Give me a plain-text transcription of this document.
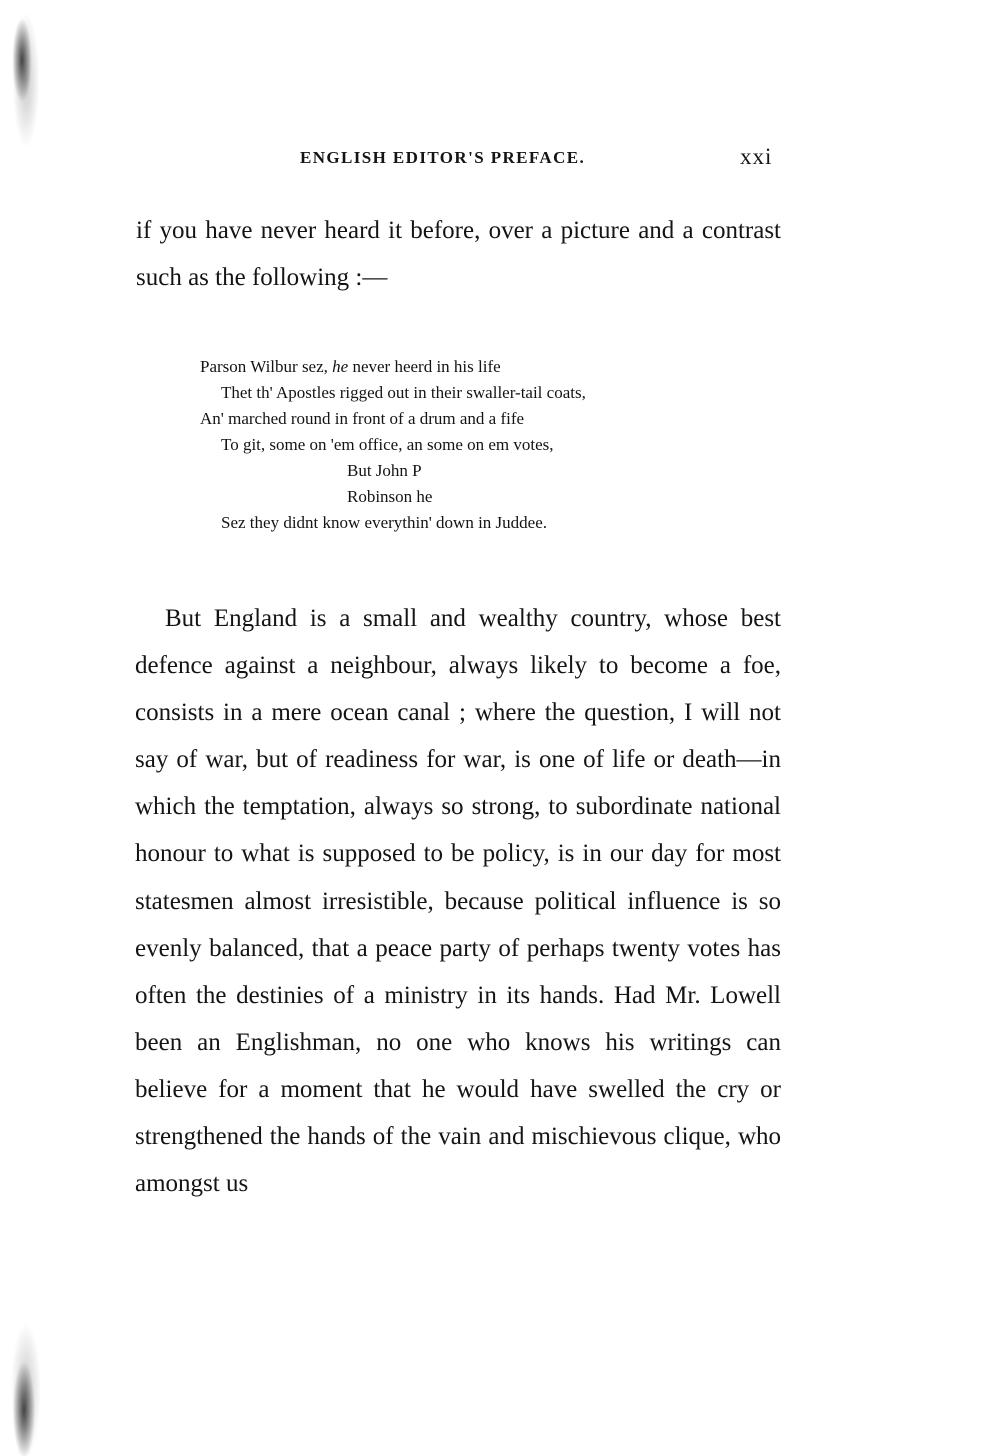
ENGLISH EDITOR'S PREFACE.	xxi

if you have never heard it before, over a picture and a contrast such as the following :—

Parson Wilbur sez, he never heerd in his life
Thet th' Apostles rigged out in their swaller-tail coats,
An' marched round in front of a drum and a fife
To git, some on 'em office, an some on em votes,
But John P
Robinson he
Sez they didnt know everythin' down in Juddee.

But England is a small and wealthy country, whose best defence against a neighbour, always likely to become a foe, consists in a mere ocean canal ; where the question, I will not say of war, but of readiness for war, is one of life or death—in which the temptation, always so strong, to subordinate national honour to what is supposed to be policy, is in our day for most statesmen almost irresistible, because political influence is so evenly balanced, that a peace party of perhaps twenty votes has often the destinies of a ministry in its hands. Had Mr. Lowell been an Englishman, no one who knows his writings can believe for a moment that he would have swelled the cry or strengthened the hands of the vain and mischievous clique, who amongst us
